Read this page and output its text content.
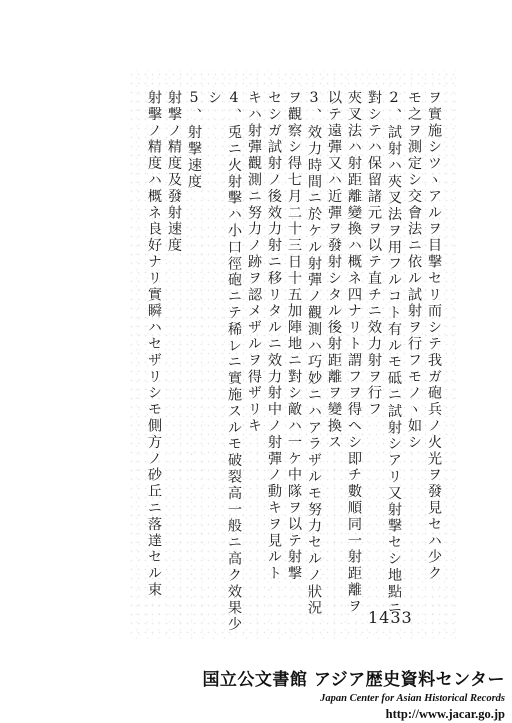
ヲ實施シツヽアルヲ目撃セリ而シテ我ガ砲兵ノ火光ヲ發見セハ少ク
モ之ヲ測定シ交會法ニ依ル試射ヲ行フモノヽ如シ
2、試射ハ夾叉法ヲ用フルコト有ルモ砥ニ試射シアリ又射撃セシ地點ニ
對シテハ保留諸元ヲ以テ直チニ效力射ヲ行フ
夾叉法ハ射距離變換ハ概ネ四ナリト謂フヲ得ヘシ即チ數順同一射距離ヲ
以テ遠彈又ハ近彈ヲ發射シタル後射距離ヲ變換ス
3、效力時間ニ於ケル射彈ノ觀測ハ巧妙ニハアラザルモ努力セルノ狀況
ヲ觀察シ得七月二十三日十五加陣地ニ對シ敵ハ一ケ中隊ヲ以テ射撃
セシガ試射ノ後效力射ニ移リタルニ效力射中ノ射彈ノ動キヲ見ルト
キハ射彈觀測ニ努力ノ跡ヲ認メザルヲ得ザリキ
4、兎ニ火射擊ハ小口徑砲ニテ稀レニ實施スルモ破裂高一般ニ高ク效果少
シ
5、射撃速度
射撃ノ精度及發射速度
射擊ノ精度ハ概ネ良好ナリ實瞬ハセザリシモ側方ノ砂丘ニ落達セル束
1433
国立公文書館 アジア歴史資料センター
Japan Center for Asian Historical Records
http://www.jacar.go.jp
